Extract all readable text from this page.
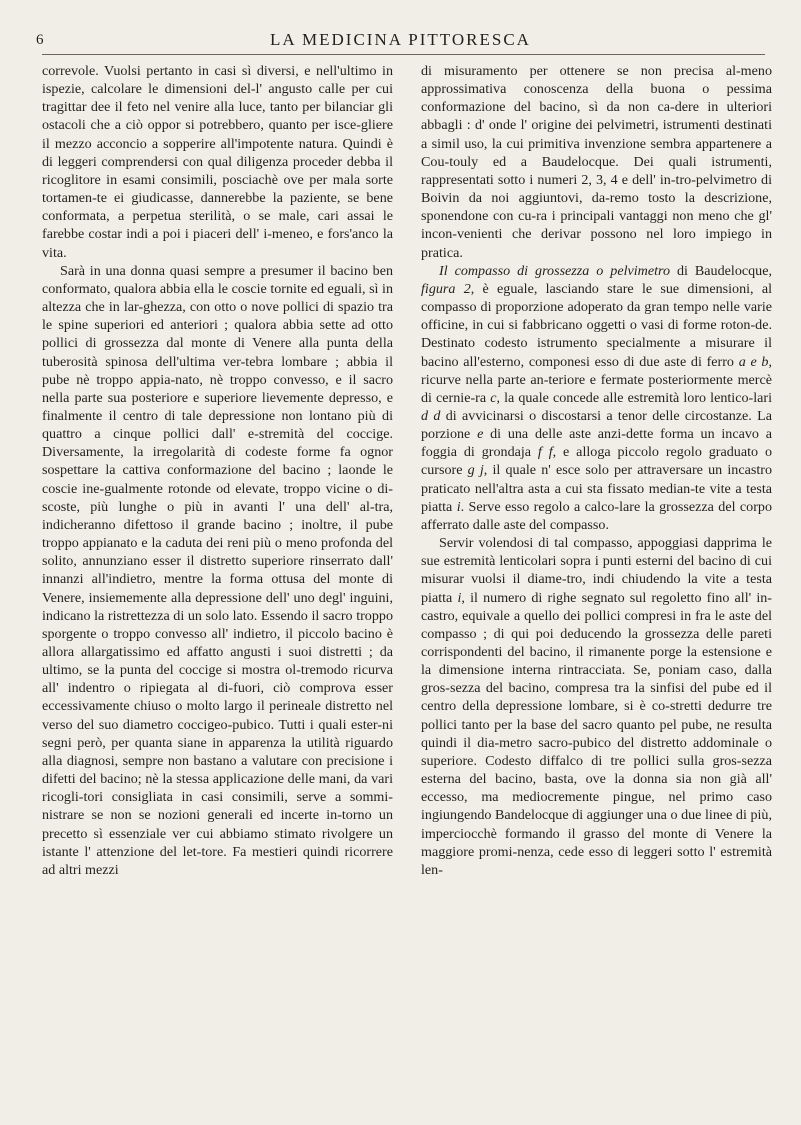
6	LA MEDICINA PITTORESCA

correvole. Vuolsi pertanto in casi sì diversi, e nell'ultimo in ispezie, calcolare le dimensioni del-l' angusto calle per cui tragittar dee il feto nel venire alla luce, tanto per bilanciar gli ostacoli che a ciò oppor si potrebbero, quanto per isce-gliere il mezzo acconcio a sopperire all'impotente natura. Quindi è di leggeri comprendersi con qual diligenza proceder debba il ricoglitore in esami consimili, posciachè ove per mala sorte tortamen-te ei giudicasse, dannerebbe la paziente, se bene conformata, a perpetua sterilità, o se male, cari assai le farebbe costar indi a poi i piaceri dell' i-meneo, e fors'anco la vita.

Sarà in una donna quasi sempre a presumer il bacino ben conformato, qualora abbia ella le coscie tornite ed eguali, sì in altezza che in lar-ghezza, con otto o nove pollici di spazio tra le spine superiori ed anteriori ; qualora abbia sette ad otto pollici di grossezza dal monte di Venere alla punta della tuberosità spinosa dell'ultima ver-tebra lombare ; abbia il pube nè troppo appia-nato, nè troppo convesso, e il sacro nella parte sua posteriore e superiore lievemente depresso, e finalmente il centro di tale depressione non lontano più di quattro a cinque pollici dall' e-stremità del coccige. Diversamente, la irregolarità di codeste forme fa ognor sospettare la cattiva conformazione del bacino ; laonde le coscie ine-gualmente rotonde od elevate, troppo vicine o di-scoste, più lunghe o più in avanti l' una dell' al-tra, indicheranno difettoso il grande bacino ; inoltre, il pube troppo appianato e la caduta dei reni più o meno profonda del solito, annunziano esser il distretto superiore rinserrato dall' innanzi all'indietro, mentre la forma ottusa del monte di Venere, insiememente alla depressione dell' uno degl' inguini, indicano la ristrettezza di un solo lato. Essendo il sacro troppo sporgente o troppo convesso all' indietro, il piccolo bacino è allora allargatissimo ed affatto angusti i suoi distretti ; da ultimo, se la punta del coccige si mostra ol-tremodo ricurva all' indentro o ripiegata al di-fuori, ciò comprova esser eccessivamente chiuso o molto largo il perineale distretto nel verso del suo diametro coccigeo-pubico. Tutti i quali ester-ni segni però, per quanta siane in apparenza la utilità riguardo alla diagnosi, sempre non bastano a valutare con precisione i difetti del bacino; nè la stessa applicazione delle mani, da vari ricogli-tori consigliata in casi consimili, serve a sommi-nistrare se non se nozioni generali ed incerte in-torno un precetto sì essenziale ver cui abbiamo stimato rivolgere un istante l' attenzione del let-tore. Fa mestieri quindi ricorrere ad altri mezzi

di misuramento per ottenere se non precisa al-meno approssimativa conoscenza della buona o pessima conformazione del bacino, sì da non ca-dere in ulteriori abbagli : d' onde l' origine dei pelvimetri, istrumenti destinati a simil uso, la cui primitiva invenzione sembra appartenere a Cou-touly ed a Baudelocque. Dei quali istrumenti, rappresentati sotto i numeri 2, 3, 4 e dell' in-tro-pelvimetro di Boivin da noi aggiuntovi, da-remo tosto la descrizione, sponendone con cu-ra i principali vantaggi non meno che gl' incon-venienti che derivar possono nel loro impiego in pratica.

Il compasso di grossezza o pelvimetro di Baudelocque, figura 2, è eguale, lasciando stare le sue dimensioni, al compasso di proporzione adoperato da gran tempo nelle varie officine, in cui si fabbricano oggetti o vasi di forme roton-de. Destinato codesto istrumento specialmente a misurare il bacino all'esterno, componesi esso di due aste di ferro a e b, ricurve nella parte an-teriore e fermate posteriormente mercè di cernie-ra c, la quale concede alle estremità loro lentico-lari d d di avvicinarsi o discostarsi a tenor delle circostanze. La porzione e di una delle aste anzi-dette forma un incavo a foggia di grondaja f f, e alloga piccolo regolo graduato o cursore g j, il quale n' esce solo per attraversare un incastro praticato nell'altra asta a cui sta fissato median-te vite a testa piatta i. Serve esso regolo a calco-lare la grossezza del corpo afferrato dalle aste del compasso.

Servir volendosi di tal compasso, appoggiasi dapprima le sue estremità lenticolari sopra i punti esterni del bacino di cui misurar vuolsi il diame-tro, indi chiudendo la vite a testa piatta i, il numero di righe segnato sul regoletto fino all' in-castro, equivale a quello dei pollici compresi in fra le aste del compasso ; di qui poi deducendo la grossezza delle pareti corrispondenti del bacino, il rimanente porge la estensione e la dimensione interna rintracciata. Se, poniam caso, dalla gros-sezza del bacino, compresa tra la sinfisi del pube ed il centro della depressione lombare, si è co-stretti dedurre tre pollici tanto per la base del sacro quanto pel pube, ne resulta quindi il dia-metro sacro-pubico del distretto addominale o superiore. Codesto diffalco di tre pollici sulla gros-sezza esterna del bacino, basta, ove la donna sia non già all' eccesso, ma mediocremente pingue, nel primo caso ingiungendo Bandelocque di aggiunger una o due linee di più, imperciocchè formando il grasso del monte di Venere la maggiore promi-nenza, cede esso di leggeri sotto l' estremità len-
